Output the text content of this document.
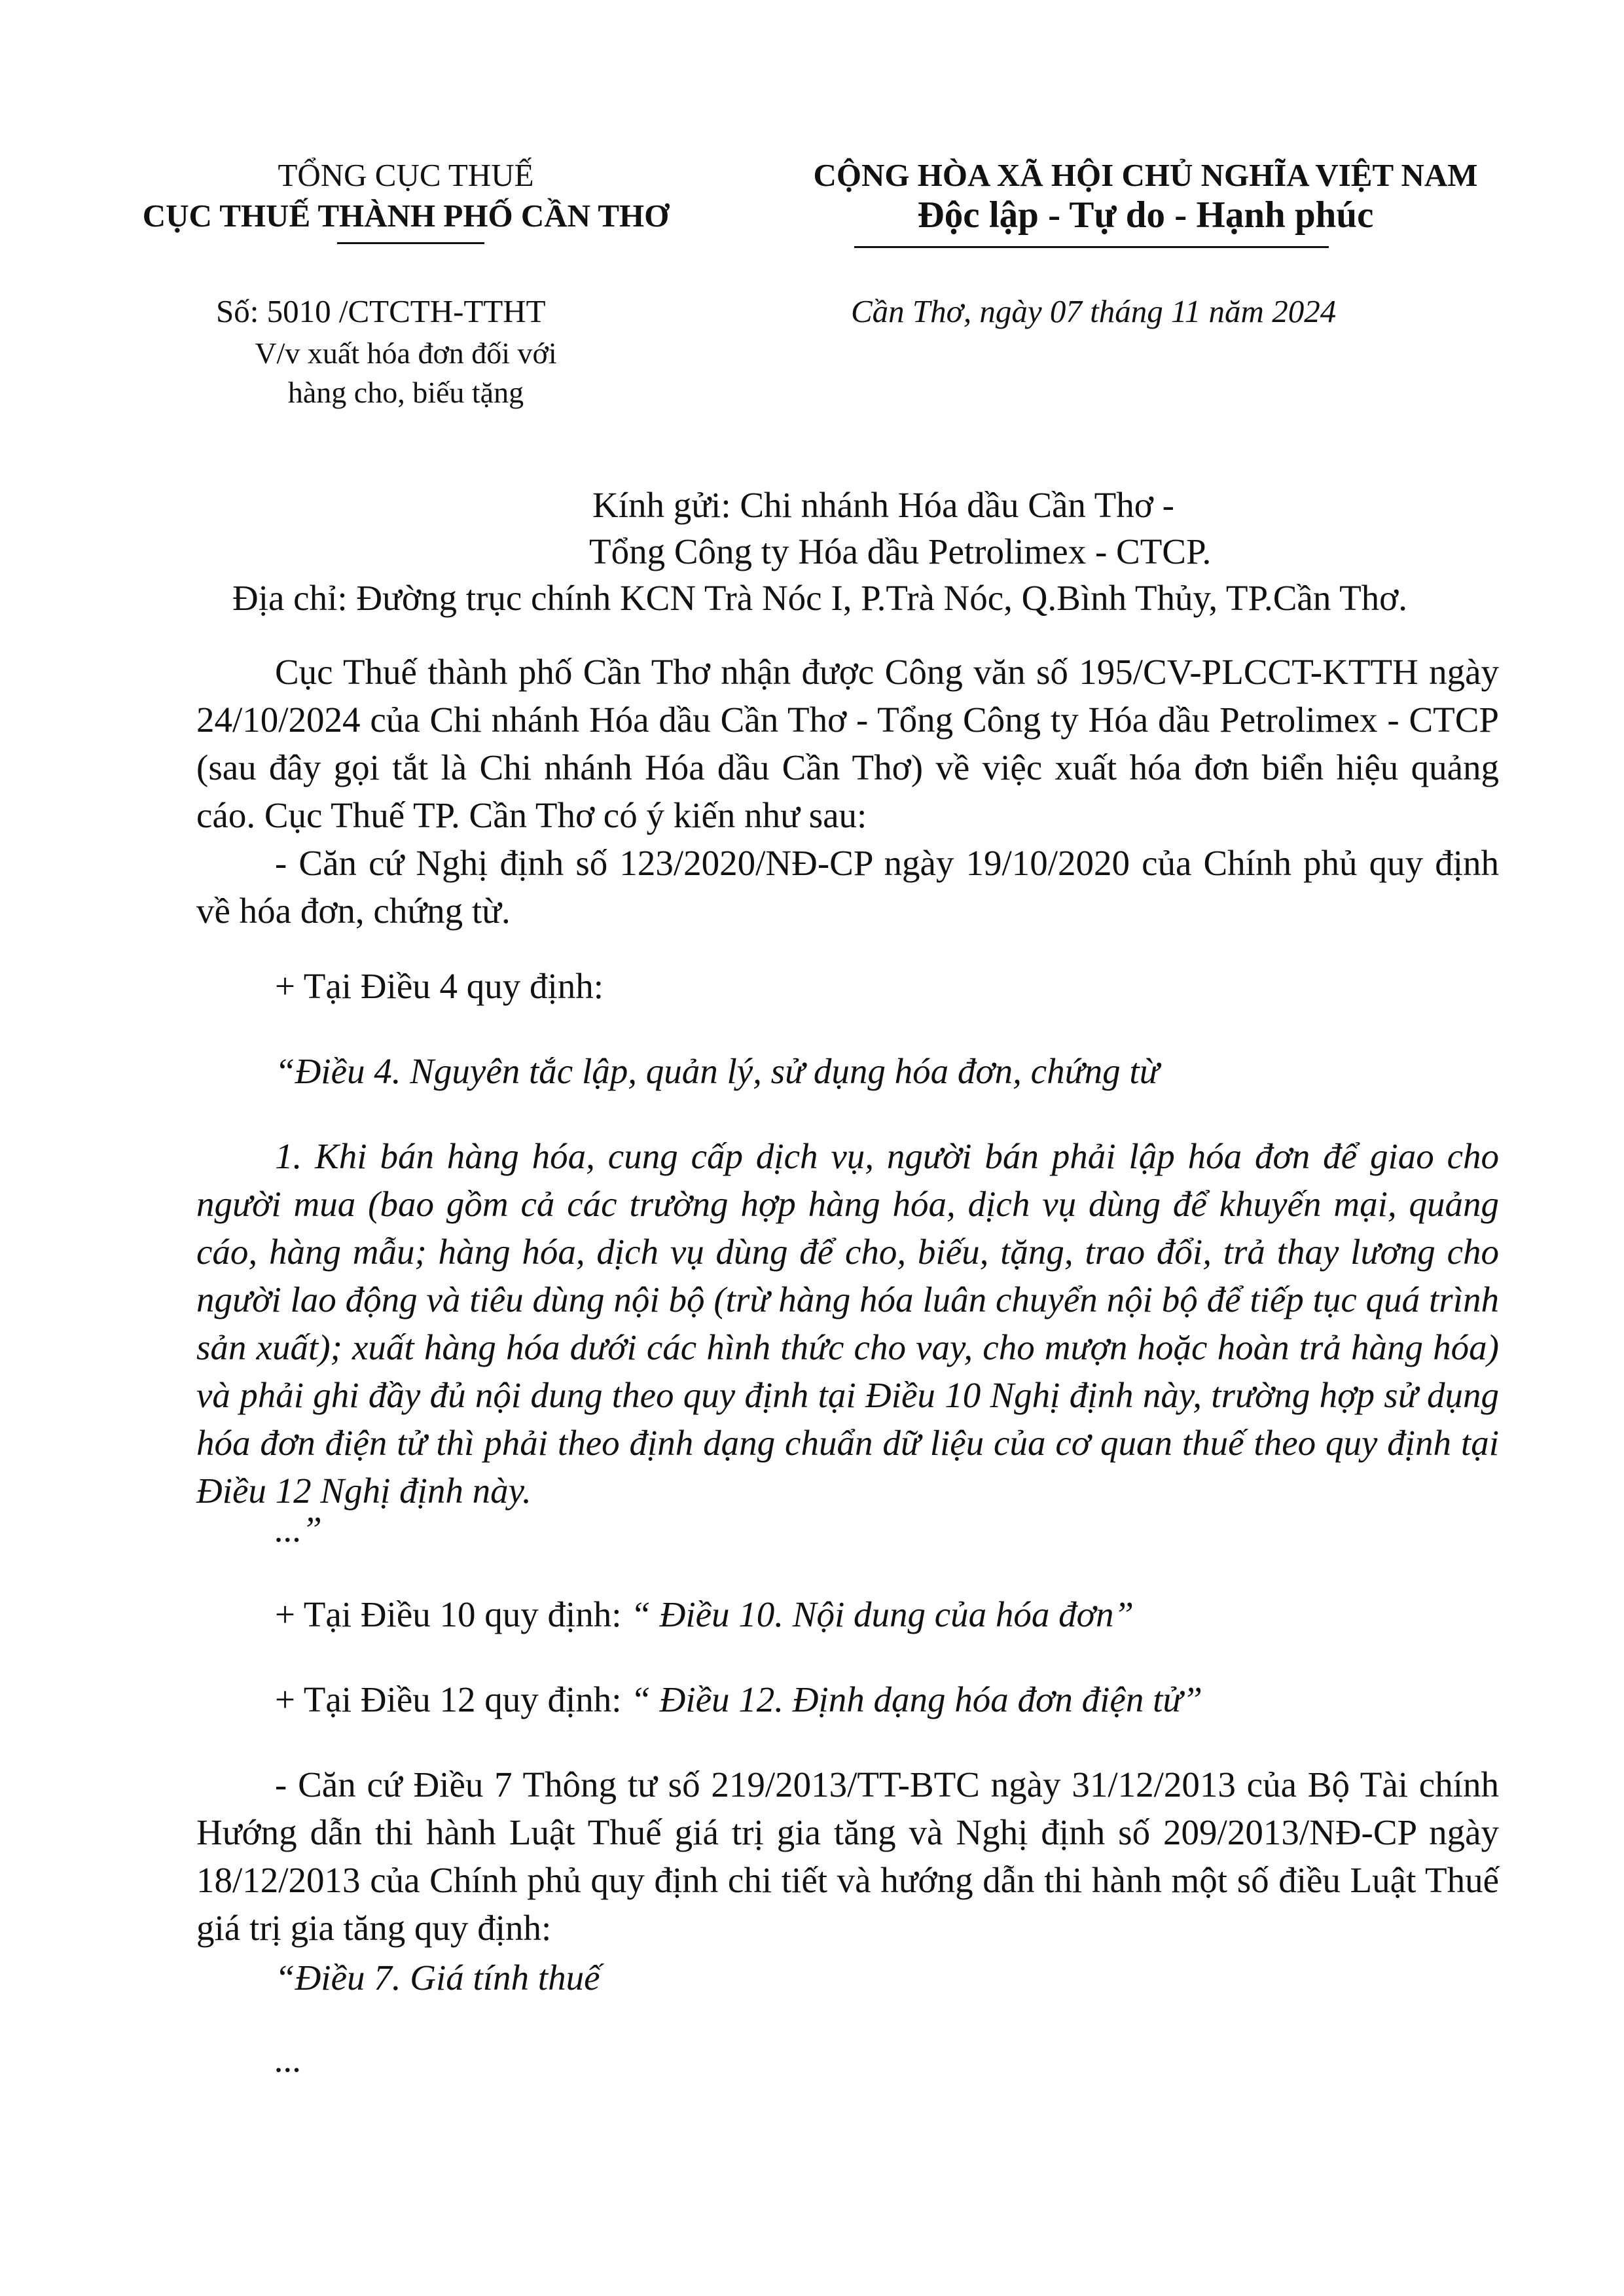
TỔNG CỤC THUẾ
CỤC THUẾ THÀNH PHỐ CẦN THƠ
Số: 5010 /CTCTH-TTHT
V/v xuất hóa đơn đối với
hàng cho, biếu tặng
CỘNG HÒA XÃ HỘI CHỦ NGHĨA VIỆT NAM
Độc lập - Tự do - Hạnh phúc
Cần Thơ, ngày 07 tháng 11 năm 2024
Kính gửi: Chi nhánh Hóa dầu Cần Thơ -
Tổng Công ty Hóa dầu Petrolimex - CTCP.
Địa chỉ: Đường trục chính KCN Trà Nóc I, P.Trà Nóc, Q.Bình Thủy, TP.Cần Thơ.
Cục Thuế thành phố Cần Thơ nhận được Công văn số 195/CV-PLCCT-KTTH ngày 24/10/2024 của Chi nhánh Hóa dầu Cần Thơ - Tổng Công ty Hóa dầu Petrolimex - CTCP (sau đây gọi tắt là Chi nhánh Hóa dầu Cần Thơ) về việc xuất hóa đơn biển hiệu quảng cáo. Cục Thuế TP. Cần Thơ có ý kiến như sau:
- Căn cứ Nghị định số 123/2020/NĐ-CP ngày 19/10/2020 của Chính phủ quy định về hóa đơn, chứng từ.
+ Tại Điều 4 quy định:
“Điều 4. Nguyên tắc lập, quản lý, sử dụng hóa đơn, chứng từ
1. Khi bán hàng hóa, cung cấp dịch vụ, người bán phải lập hóa đơn để giao cho người mua (bao gồm cả các trường hợp hàng hóa, dịch vụ dùng để khuyến mại, quảng cáo, hàng mẫu; hàng hóa, dịch vụ dùng để cho, biếu, tặng, trao đổi, trả thay lương cho người lao động và tiêu dùng nội bộ (trừ hàng hóa luân chuyển nội bộ để tiếp tục quá trình sản xuất); xuất hàng hóa dưới các hình thức cho vay, cho mượn hoặc hoàn trả hàng hóa) và phải ghi đầy đủ nội dung theo quy định tại Điều 10 Nghị định này, trường hợp sử dụng hóa đơn điện tử thì phải theo định dạng chuẩn dữ liệu của cơ quan thuế theo quy định tại Điều 12 Nghị định này.
...”
+ Tại Điều 10 quy định: “ Điều 10. Nội dung của hóa đơn”
+ Tại Điều 12 quy định: “ Điều 12. Định dạng hóa đơn điện tử”
- Căn cứ Điều 7 Thông tư số 219/2013/TT-BTC ngày 31/12/2013 của Bộ Tài chính Hướng dẫn thi hành Luật Thuế giá trị gia tăng và Nghị định số 209/2013/NĐ-CP ngày 18/12/2013 của Chính phủ quy định chi tiết và hướng dẫn thi hành một số điều Luật Thuế giá trị gia tăng quy định:
“Điều 7. Giá tính thuế
...
